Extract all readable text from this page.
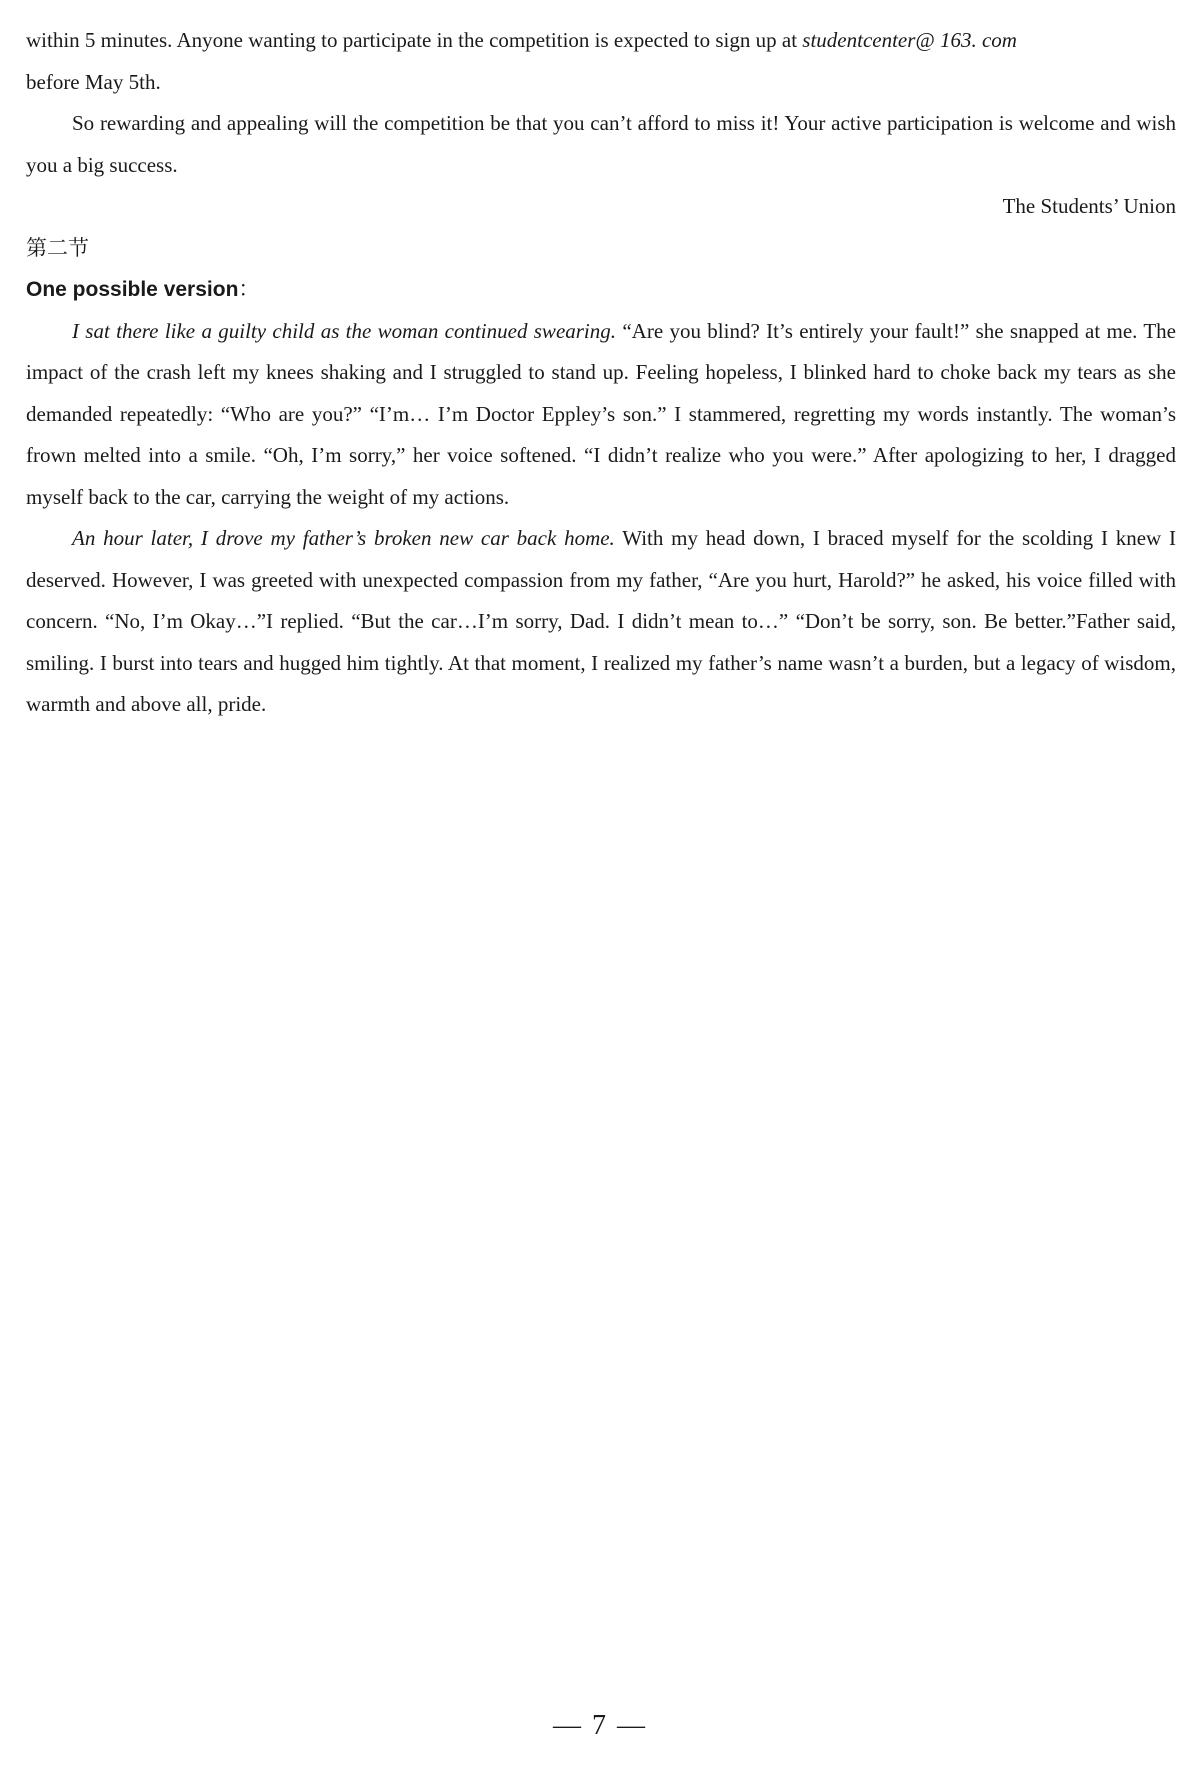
within 5 minutes. Anyone wanting to participate in the competition is expected to sign up at studentcenter@ 163. com
before May 5th.

So rewarding and appealing will the competition be that you can’t afford to miss it! Your active participation is welcome and wish you a big success.

The Students’ Union

第二节

One possible version：

I sat there like a guilty child as the woman continued swearing. “Are you blind? It’s entirely your fault!” she snapped at me. The impact of the crash left my knees shaking and I struggled to stand up. Feeling hopeless, I blinked hard to choke back my tears as she demanded repeatedly: “Who are you?” “I’m… I’m Doctor Eppley’s son.” I stammered, regretting my words instantly. The woman’s frown melted into a smile. “Oh, I’m sorry,” her voice softened. “I didn’t realize who you were.” After apologizing to her, I dragged myself back to the car, carrying the weight of my actions.

An hour later, I drove my father’s broken new car back home. With my head down, I braced myself for the scolding I knew I deserved. However, I was greeted with unexpected compassion from my father, “Are you hurt, Harold?” he asked, his voice filled with concern. “No, I’m Okay…”I replied. “But the car…I’m sorry, Dad. I didn’t mean to…” “Don’t be sorry, son. Be better.”Father said, smiling. I burst into tears and hugged him tightly. At that moment, I realized my father’s name wasn’t a burden, but a legacy of wisdom, warmth and above all, pride.

— 7 —
